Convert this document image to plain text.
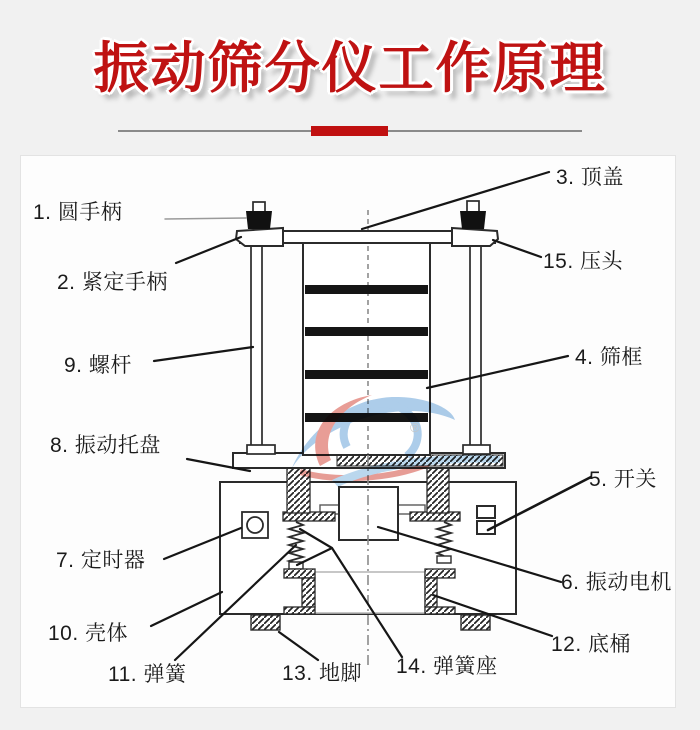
振动筛分仪工作原理
®
1. 圆手柄
2. 紧定手柄
3. 顶盖
4. 筛框
5. 开关
6. 振动电机
7. 定时器
8. 振动托盘
9. 螺杆
10. 壳体
11. 弹簧
12. 底桶
13. 地脚 14. 弹簧座
15. 压头
